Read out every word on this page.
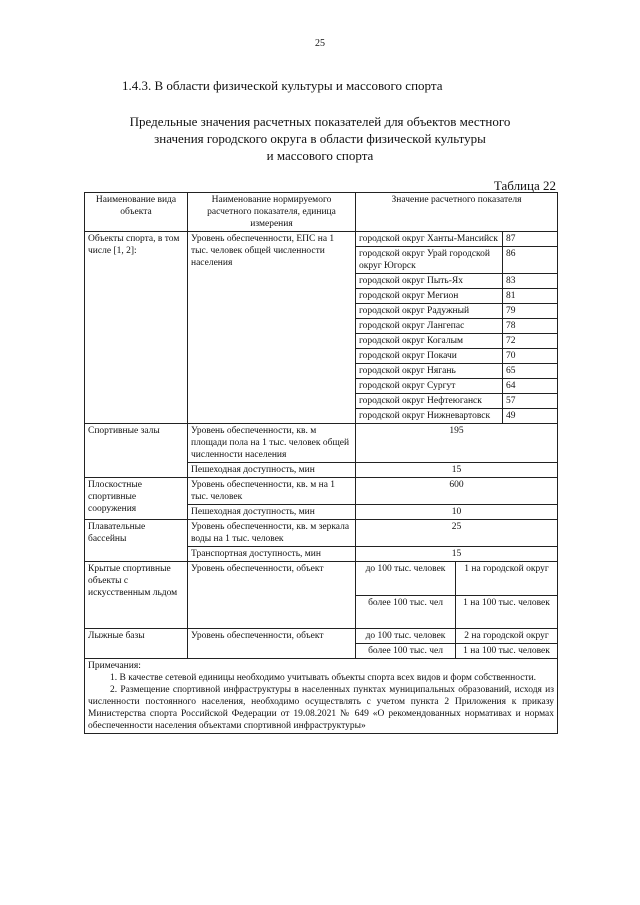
25
1.4.3. В области физической культуры и массового спорта
Предельные значения расчетных показателей для объектов местного
значения городского округа в области физической культуры
и массового спорта
Таблица 22
Наименование вида объекта	Наименование нормируемого расчетного показателя, единица измерения	Значение расчетного показателя		
Объекты спорта, в том числе [1, 2]:	Уровень обеспеченности, ЕПС на 1 тыс. человек общей численности населения	городской округ Ханты-Мансийск		87
		городской округ Урай городской округ Югорск		86
		городской округ Пыть-Ях		83
		городской округ Мегион		81
		городской округ Радужный		79
		городской округ Лангепас		78
		городской округ Когалым		72
		городской округ Покачи		70
		городской округ Нягань		65
		городской округ Сургут		64
		городской округ Нефтеюганск		57
		городской округ Нижневартовск		49
Спортивные залы	Уровень обеспеченности, кв. м площади пола на 1 тыс. человек общей численности населения	195		
	Пешеходная доступность, мин	15		
Плоскостные спортивные сооружения	Уровень обеспеченности, кв. м на 1 тыс. человек	600		
	Пешеходная доступность, мин	10		
Плавательные бассейны	Уровень обеспеченности, кв. м зеркала воды на 1 тыс. человек	25		
	Транспортная доступность, мин	15		
Крытые спортивные объекты с искусственным льдом	Уровень обеспеченности, объект	до 100 тыс. человек	1 на городской округ	
		более 100 тыс. чел	1 на 100 тыс. человек	
Лыжные базы	Уровень обеспеченности, объект	до 100 тыс. человек	2 на городской округ	
		более 100 тыс. чел	1 на 100 тыс. человек	

Примечания:

1. В качестве сетевой единицы необходимо учитывать объекты спорта всех видов и форм собственности.

2. Размещение спортивной инфраструктуры в населенных пунктах муниципальных образований, исходя из численности постоянного населения, необходимо осуществлять с учетом пункта 2 Приложения к приказу Министерства спорта Российской Федерации от 19.08.2021 № 649 «О рекомендованных нормативах и нормах обеспеченности населения объектами спортивной инфраструктуры»				
